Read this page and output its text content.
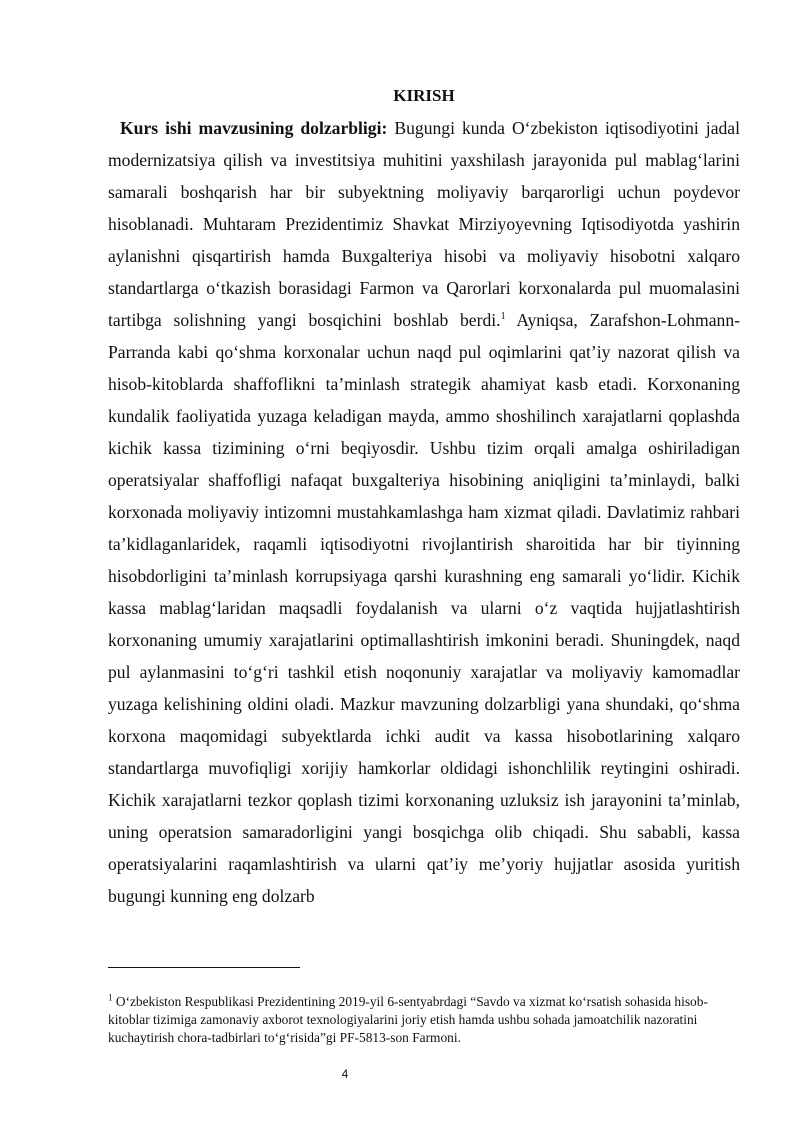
KIRISH

Kurs ishi mavzusining dolzarbligi: Bugungi kunda O‘zbekiston iqtisodiyotini jadal modernizatsiya qilish va investitsiya muhitini yaxshilash jarayonida pul mablag‘larini samarali boshqarish har bir subyektning moliyaviy barqarorligi uchun poydevor hisoblanadi. Muhtaram Prezidentimiz Shavkat Mirziyoyevning Iqtisodiyotda yashirin aylanishni qisqartirish hamda Buxgalteriya hisobi va moliyaviy hisobotni xalqaro standartlarga o‘tkazish borasidagi Farmon va Qarorlari korxonalarda pul muomalasini tartibga solishning yangi bosqichini boshlab berdi.$^1$ Ayniqsa, Zarafshon-Lohmann-Parranda kabi qo‘shma korxonalar uchun naqd pul oqimlarini qat’iy nazorat qilish va hisob-kitoblarda shaffoflikni ta’minlash strategik ahamiyat kasb etadi. Korxonaning kundalik faoliyatida yuzaga keladigan mayda, ammo shoshilinch xarajatlarni qoplashda kichik kassa tizimining o‘rni beqiyosdir. Ushbu tizim orqali amalga oshiriladigan operatsiyalar shaffofligi nafaqat buxgalteriya hisobining aniqligini ta’minlaydi, balki korxonada moliyaviy intizomni mustahkamlashga ham xizmat qiladi. Davlatimiz rahbari ta’kidlaganlaridek, raqamli iqtisodiyotni rivojlantirish sharoitida har bir tiyinning hisobdorligini ta’minlash korrupsiyaga qarshi kurashning eng samarali yo‘lidir. Kichik kassa mablag‘laridan maqsadli foydalanish va ularni o‘z vaqtida hujjatlashtirish korxonaning umumiy xarajatlarini optimallashtirish imkonini beradi. Shuningdek, naqd pul aylanmasini to‘g‘ri tashkil etish noqonuniy xarajatlar va moliyaviy kamomadlar yuzaga kelishining oldini oladi. Mazkur mavzuning dolzarbligi yana shundaki, qo‘shma korxona maqomidagi subyektlarda ichki audit va kassa hisobotlarining xalqaro standartlarga muvofiqligi xorijiy hamkorlar oldidagi ishonchlilik reytingini oshiradi. Kichik xarajatlarni tezkor qoplash tizimi korxonaning uzluksiz ish jarayonini ta’minlab, uning operatsion samaradorligini yangi bosqichga olib chiqadi. Shu sababli, kassa operatsiyalarini raqamlashtirish va ularni qat’iy me’yoriy hujjatlar asosida yuritish bugungi kunning eng dolzarb

$^1$ O‘zbekiston Respublikasi Prezidentining 2019-yil 6-sentyabrdagi “Savdo va xizmat ko‘rsatish sohasida hisob-kitoblar tizimiga zamonaviy axborot texnologiyalarini joriy etish hamda ushbu sohada jamoatchilik nazoratini kuchaytirish chora-tadbirlari to‘g‘risida”gi PF-5813-son Farmoni.

4
